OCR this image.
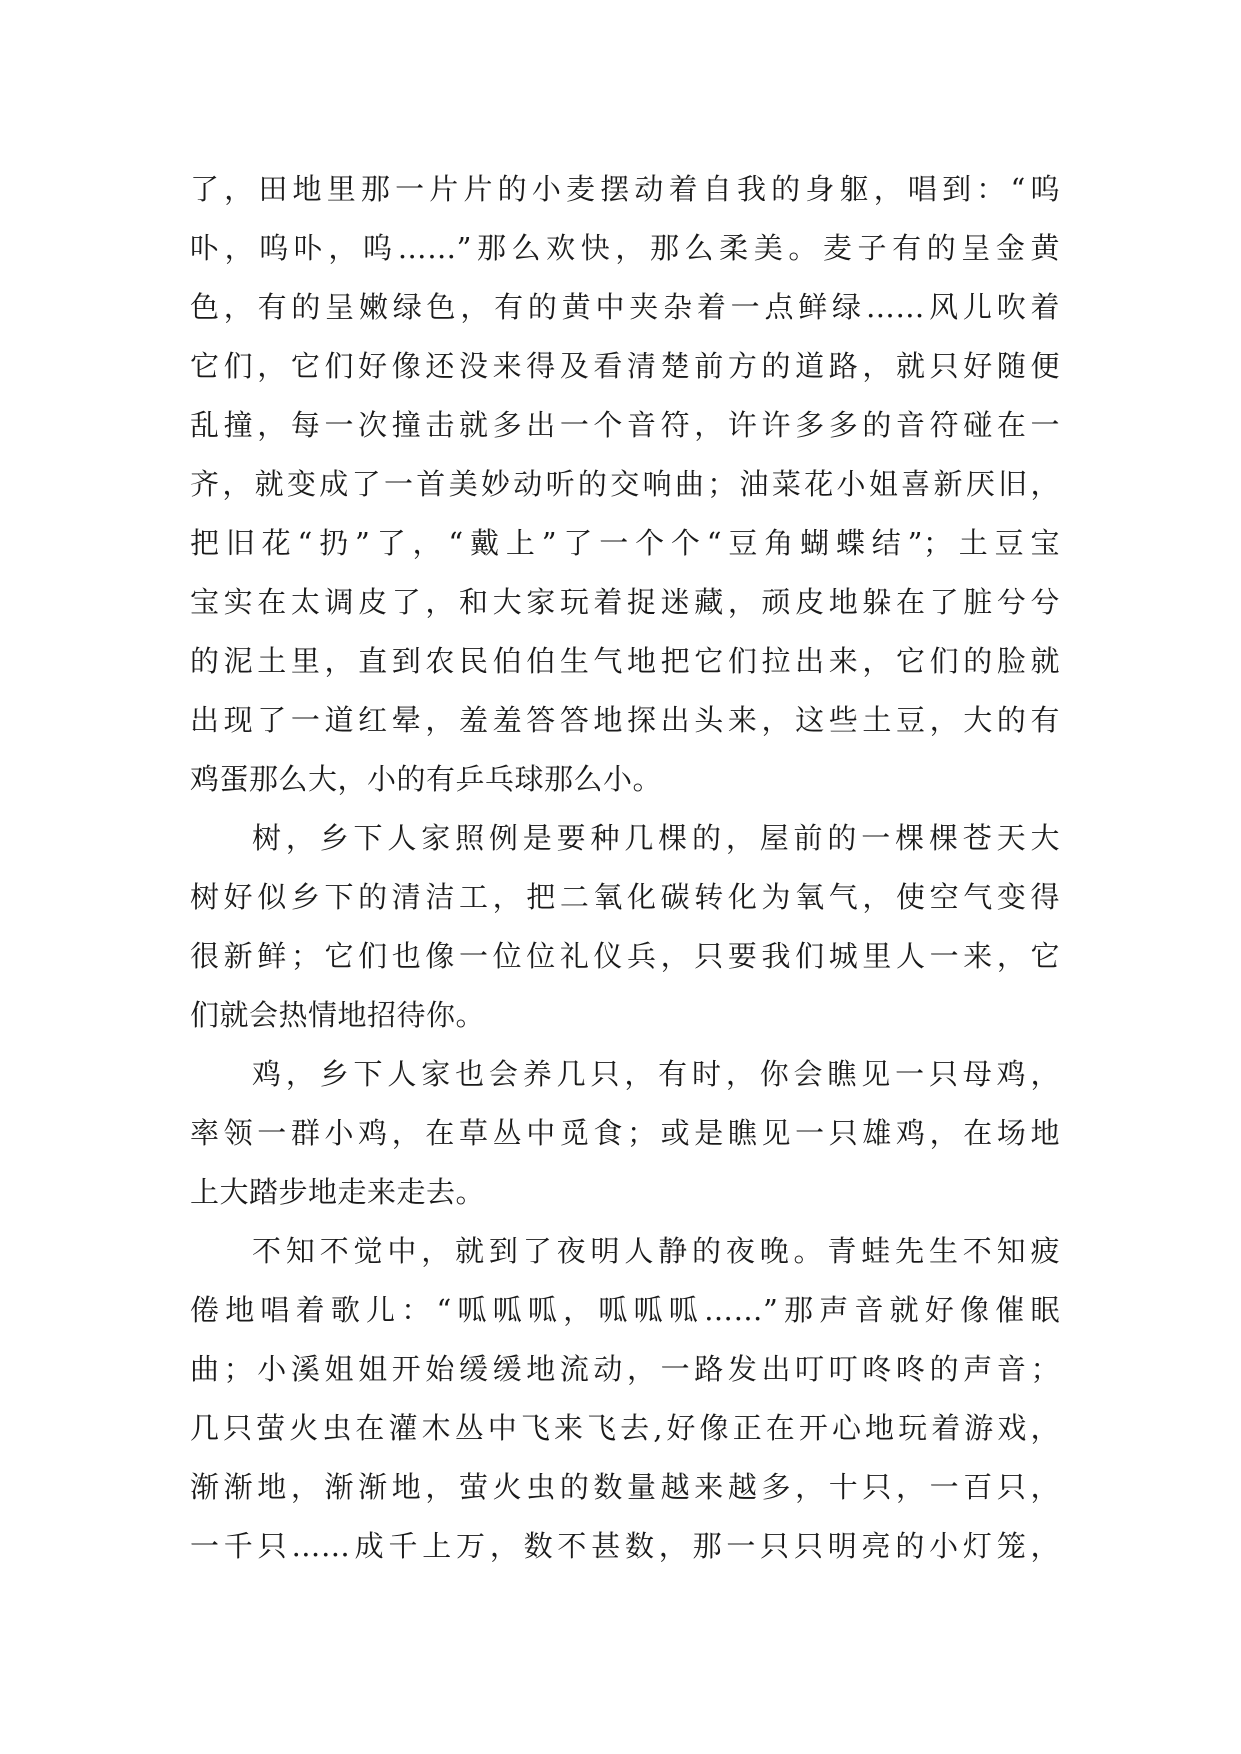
了，田地里那一片片的小麦摆动着自我的身躯，唱到：“呜
卟，呜卟，呜……”那么欢快，那么柔美。麦子有的呈金黄
色，有的呈嫩绿色，有的黄中夹杂着一点鲜绿……风儿吹着
它们，它们好像还没来得及看清楚前方的道路，就只好随便
乱撞，每一次撞击就多出一个音符，许许多多的音符碰在一
齐，就变成了一首美妙动听的交响曲；油菜花小姐喜新厌旧，
把旧花“扔”了，“戴上”了一个个“豆角蝴蝶结”；土豆宝
宝实在太调皮了，和大家玩着捉迷藏，顽皮地躲在了脏兮兮
的泥土里，直到农民伯伯生气地把它们拉出来，它们的脸就
出现了一道红晕，羞羞答答地探出头来，这些土豆，大的有
鸡蛋那么大，小的有乒乓球那么小。
树，乡下人家照例是要种几棵的，屋前的一棵棵苍天大
树好似乡下的清洁工，把二氧化碳转化为氧气，使空气变得
很新鲜；它们也像一位位礼仪兵，只要我们城里人一来，它
们就会热情地招待你。
鸡，乡下人家也会养几只，有时，你会瞧见一只母鸡，
率领一群小鸡，在草丛中觅食；或是瞧见一只雄鸡，在场地
上大踏步地走来走去。
不知不觉中，就到了夜明人静的夜晚。青蛙先生不知疲
倦地唱着歌儿：“呱呱呱，呱呱呱……”那声音就好像催眠
曲；小溪姐姐开始缓缓地流动，一路发出叮叮咚咚的声音；
几只萤火虫在灌木丛中飞来飞去,好像正在开心地玩着游戏，
渐渐地，渐渐地，萤火虫的数量越来越多，十只，一百只，
一千只……成千上万，数不甚数，那一只只明亮的小灯笼，
